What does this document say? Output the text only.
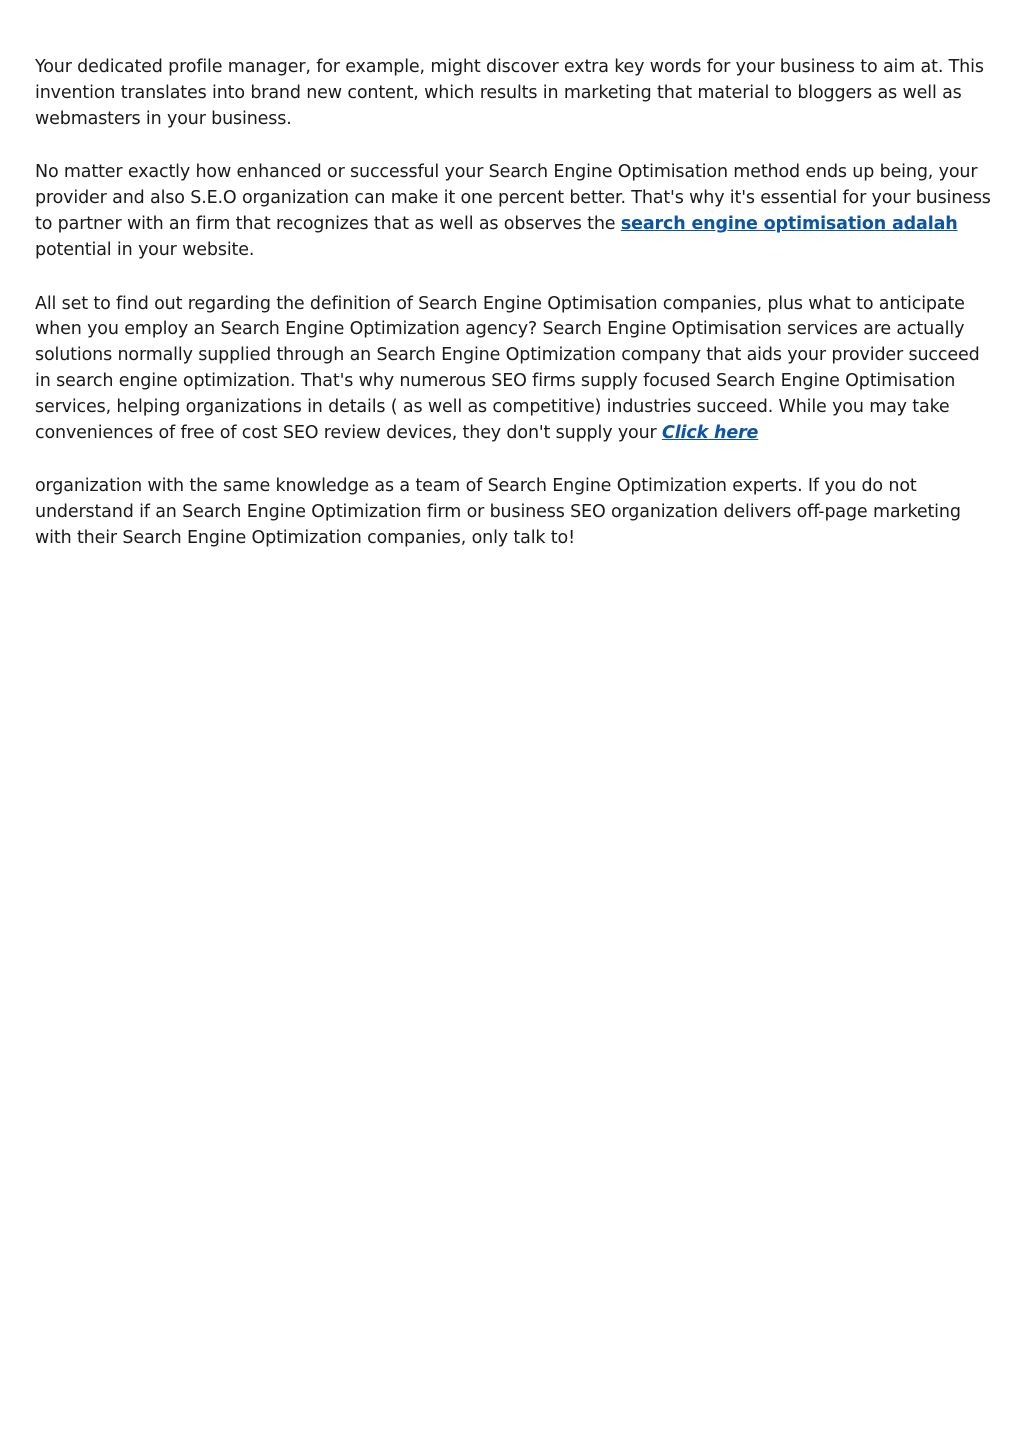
Your dedicated profile manager, for example, might discover extra key words for your business to aim at. This invention translates into brand new content, which results in marketing that material to bloggers as well as webmasters in your business.

No matter exactly how enhanced or successful your Search Engine Optimisation method ends up being, your provider and also S.E.O organization can make it one percent better. That's why it's essential for your business to partner with an firm that recognizes that as well as observes the search engine optimisation adalah potential in your website.

All set to find out regarding the definition of Search Engine Optimisation companies, plus what to anticipate when you employ an Search Engine Optimization agency? Search Engine Optimisation services are actually solutions normally supplied through an Search Engine Optimization company that aids your provider succeed in search engine optimization. That's why numerous SEO firms supply focused Search Engine Optimisation services, helping organizations in details ( as well as competitive) industries succeed. While you may take conveniences of free of cost SEO review devices, they don't supply your Click here

organization with the same knowledge as a team of Search Engine Optimization experts. If you do not understand if an Search Engine Optimization firm or business SEO organization delivers off-page marketing with their Search Engine Optimization companies, only talk to!
